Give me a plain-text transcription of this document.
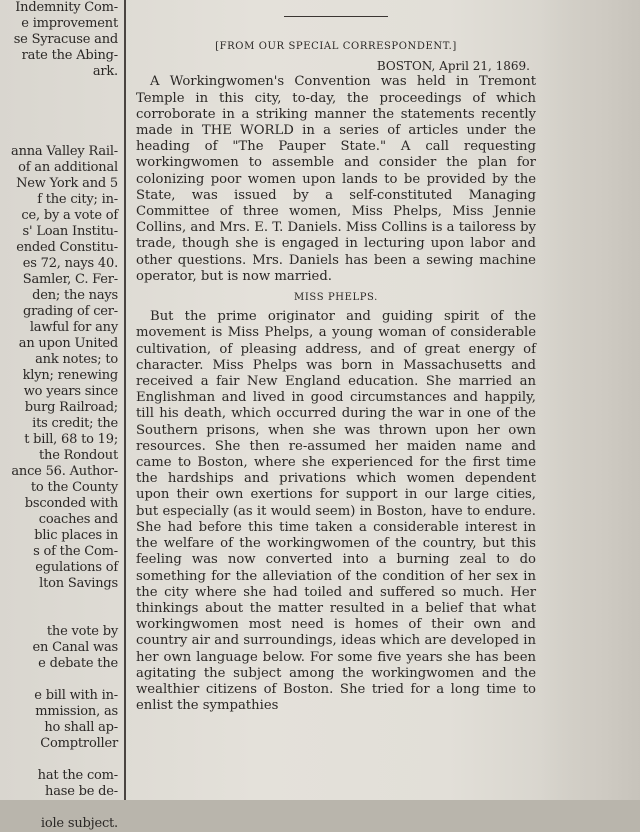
Indemnity Com-
e improvement
se Syracuse and
rate the Abing-
ark.
anna Valley Rail-
of an additional
New York and 5
f the city; in-
ce, by a vote of
s' Loan Institu-
ended Constitu-
es 72, nays 40.
Samler, C. Fer-
den; the nays
grading of cer-
lawful for any
an upon United
ank notes; to
klyn; renewing
wo years since
burg Railroad;
its credit; the
t bill, 68 to 19;
the Rondout
ance 56. Author-
to the County
bsconded with
coaches and
blic places in
s of the Com-
egulations of
lton Savings
the vote by
en Canal was
e debate the
e bill with in-
mmission, as
ho shall ap-
Comptroller
hat the com-
hase be de-
iole subject.
[FROM OUR SPECIAL CORRESPONDENT.]
BOSTON, April 21, 1869.

A Workingwomen's Convention was held in Tremont Temple in this city, to-day, the proceedings of which corroborate in a striking manner the statements recently made in THE WORLD in a series of articles under the heading of "The Pauper State." A call requesting workingwomen to assemble and consider the plan for colonizing poor women upon lands to be provided by the State, was issued by a self-constituted Managing Committee of three women, Miss Phelps, Miss Jennie Collins, and Mrs. E. T. Daniels. Miss Collins is a tailoress by trade, though she is engaged in lecturing upon labor and other questions. Mrs. Daniels has been a sewing machine operator, but is now married.

MISS PHELPS.

But the prime originator and guiding spirit of the movement is Miss Phelps, a young woman of considerable cultivation, of pleasing address, and of great energy of character. Miss Phelps was born in Massachusetts and received a fair New England education. She married an Englishman and lived in good circumstances and happily, till his death, which occurred during the war in one of the Southern prisons, when she was thrown upon her own resources. She then re-assumed her maiden name and came to Boston, where she experienced for the first time the hardships and privations which women dependent upon their own exertions for support in our large cities, but especially (as it would seem) in Boston, have to endure. She had before this time taken a considerable interest in the welfare of the workingwomen of the country, but this feeling was now converted into a burning zeal to do something for the alleviation of the condition of her sex in the city where she had toiled and suffered so much. Her thinkings about the matter resulted in a belief that what workingwomen most need is homes of their own and country air and surroundings, ideas which are developed in her own language below. For some five years she has been agitating the subject among the workingwomen and the wealthier citizens of Boston. She tried for a long time to enlist the sympathies
